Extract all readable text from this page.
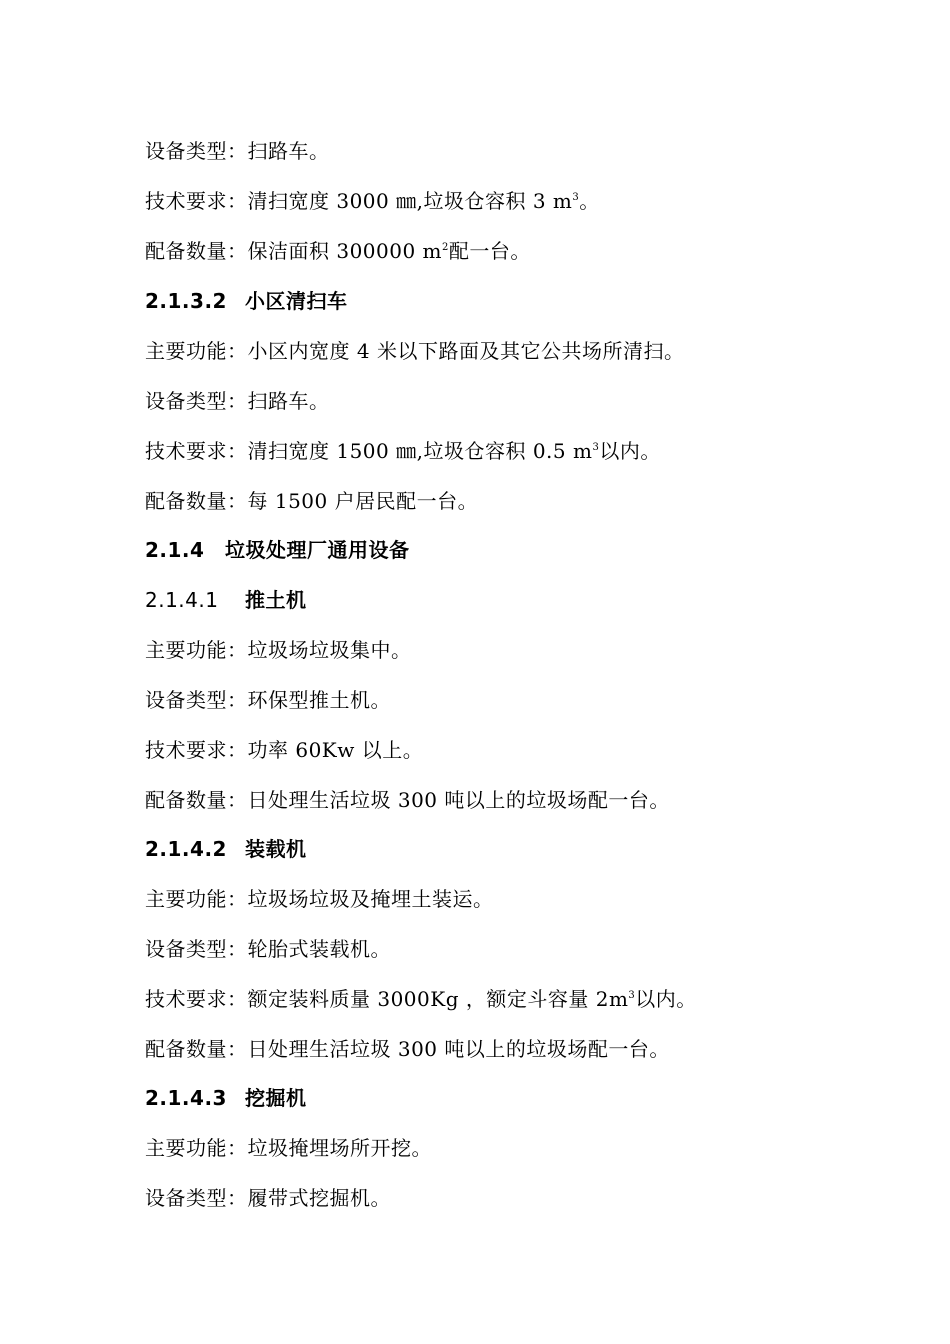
设备类型：扫路车。
技术要求：清扫宽度 3000 ㎜,垃圾仓容积 3 $m^3$。
配备数量：保洁面积 300000 $m^2$配一台。
2.1.3.2 小区清扫车
主要功能：小区内宽度 4 米以下路面及其它公共场所清扫。
设备类型：扫路车。
技术要求：清扫宽度 1500 ㎜,垃圾仓容积 0.5 $m^3$以内。
配备数量：每 1500 户居民配一台。
2.1.4 垃圾处理厂通用设备
2.1.4.1 推土机
主要功能：垃圾场垃圾集中。
设备类型：环保型推土机。
技术要求：功率 60Kw 以上。
配备数量：日处理生活垃圾 300 吨以上的垃圾场配一台。
2.1.4.2 装载机
主要功能：垃圾场垃圾及掩埋土装运。
设备类型：轮胎式装载机。
技术要求：额定装料质量 3000Kg ，额定斗容量 $2m^3$以内。
配备数量：日处理生活垃圾 300 吨以上的垃圾场配一台。
2.1.4.3 挖掘机
主要功能：垃圾掩埋场所开挖。
设备类型：履带式挖掘机。
